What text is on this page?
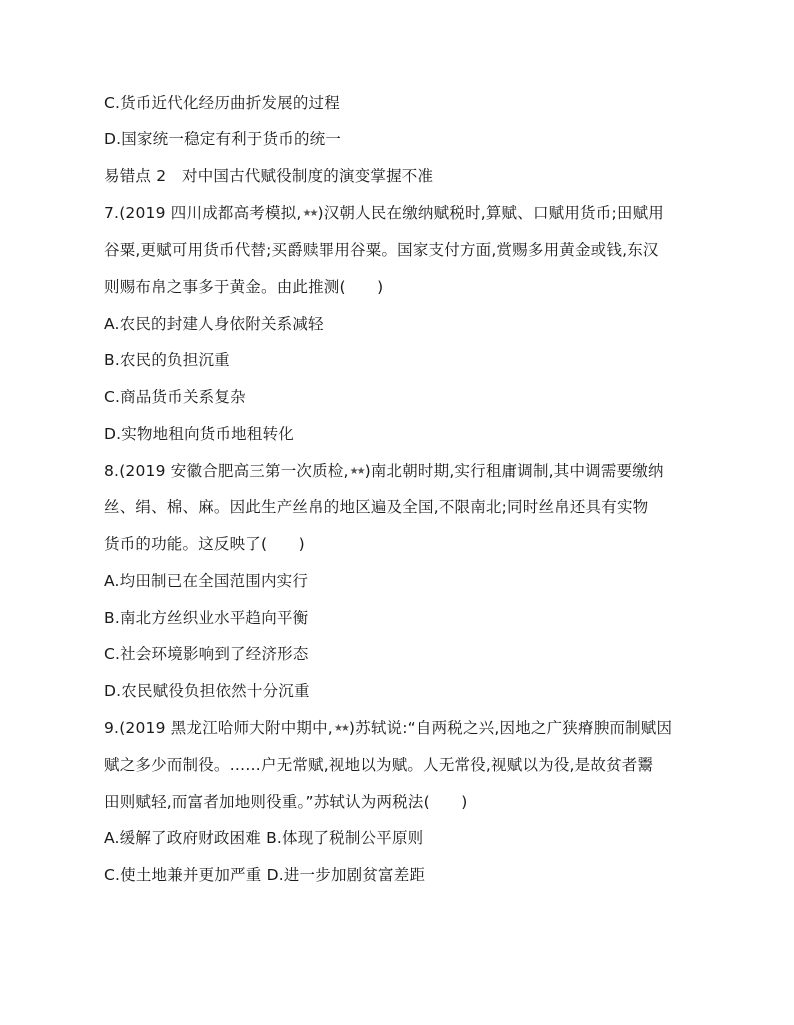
C.货币近代化经历曲折发展的过程
D.国家统一稳定有利于货币的统一
易错点 2　对中国古代赋役制度的演变掌握不准
7.(2019 四川成都高考模拟,★★)汉朝人民在缴纳赋税时,算赋、口赋用货币;田赋用
谷粟,更赋可用货币代替;买爵赎罪用谷粟。国家支付方面,赏赐多用黄金或钱,东汉
则赐布帛之事多于黄金。由此推测(　　)
A.农民的封建人身依附关系减轻
B.农民的负担沉重
C.商品货币关系复杂
D.实物地租向货币地租转化
8.(2019 安徽合肥高三第一次质检,★★)南北朝时期,实行租庸调制,其中调需要缴纳
丝、绢、棉、麻。因此生产丝帛的地区遍及全国,不限南北;同时丝帛还具有实物
货币的功能。这反映了(　　)
A.均田制已在全国范围内实行
B.南北方丝织业水平趋向平衡
C.社会环境影响到了经济形态
D.农民赋役负担依然十分沉重
9.(2019 黑龙江哈师大附中期中,★★)苏轼说:“自两税之兴,因地之广狭瘠腴而制赋因
赋之多少而制役。……户无常赋,视地以为赋。人无常役,视赋以为役,是故贫者鬻
田则赋轻,而富者加地则役重。”苏轼认为两税法(　　)
A.缓解了政府财政困难 B.体现了税制公平原则
C.使土地兼并更加严重 D.进一步加剧贫富差距
